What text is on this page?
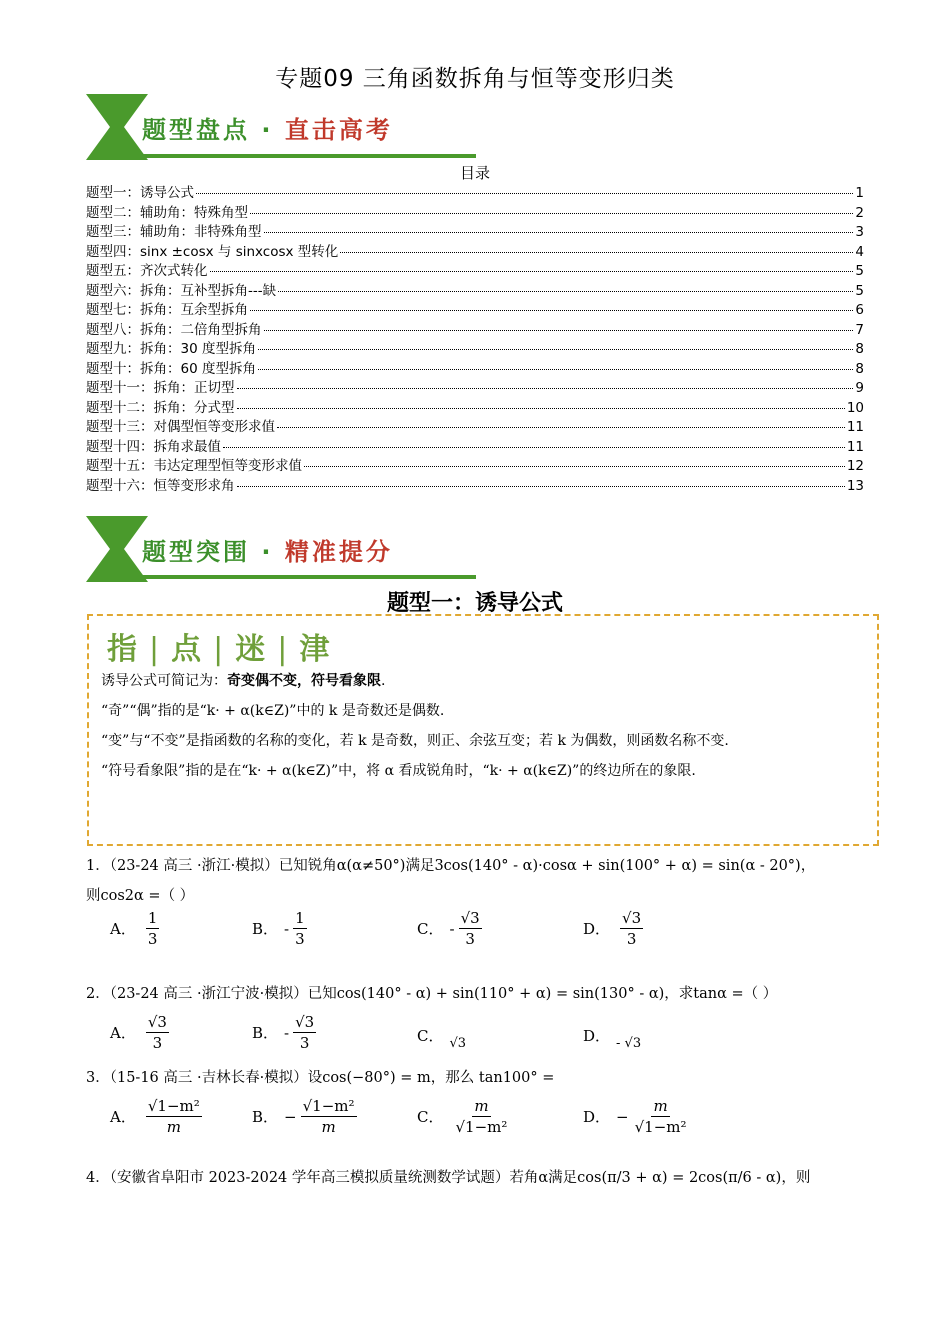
专题09 三角函数拆角与恒等变形归类
题型盘点 · 直击高考
目录
题型一：诱导公式	1
题型二：辅助角：特殊角型	2
题型三：辅助角：非特殊角型	3
题型四：sinx ±cosx 与 sinxcosx 型转化	4
题型五：齐次式转化	5
题型六：拆角：互补型拆角---缺	5
题型七：拆角：互余型拆角	6
题型八：拆角：二倍角型拆角	7
题型九：拆角：30 度型拆角	8
题型十：拆角：60 度型拆角	8
题型十一：拆角：正切型	9
题型十二：拆角：分式型	10
题型十三：对偶型恒等变形求值	11
题型十四：拆角求最值	11
题型十五：韦达定理型恒等变形求值	12
题型十六：恒等变形求角	13
题型突围 · 精准提分
题型一：诱导公式
指 | 点 | 迷 | 津
诱导公式可简记为：奇变偶不变，符号看象限.
“奇”“偶”指的是“k· + α(k∈Z)”中的 k 是奇数还是偶数.
“变”与“不变”是指函数的名称的变化，若 k 是奇数，则正、余弦互变；若 k 为偶数，则函数名称不变.
“符号看象限”指的是在“k· + α(k∈Z)”中，将 α 看成锐角时，“k· + α(k∈Z)”的终边所在的象限.
1．（23-24 高三 ·浙江·模拟）已知锐角α(α≠50°)满足3cos(140° - α)·cosα + sin(100° + α) = sin(α - 20°)，
则cos2α =（ ）
A． $\frac{1}{3}$	B． - $\frac{1}{3}$	C． - $\frac{√3}{3}$	D． $\frac{√3}{3}$
2．（23-24 高三 ·浙江宁波·模拟）已知cos(140° - α) + sin(110° + α) = sin(130° - α)，求tanα =（ ）
A． $\frac{√3}{3}$	B． - $\frac{√3}{3}$	C． √3	D． - √3
3．（15-16 高三 ·吉林长春·模拟）设cos(−80°) = m，那么 tan100° =
A． $\frac{\text{√1−m²}}{m}$	B． − $\frac{\text{√1−m²}}{m}$	C． $\frac{m}{\text{√1−m²}}$	D． − $\frac{m}{\text{√1−m²}}$
4．（安徽省阜阳市 2023-2024 学年高三模拟质量统测数学试题）若角α满足cos(π/3 + α) = 2cos(π/6 - α)，则
